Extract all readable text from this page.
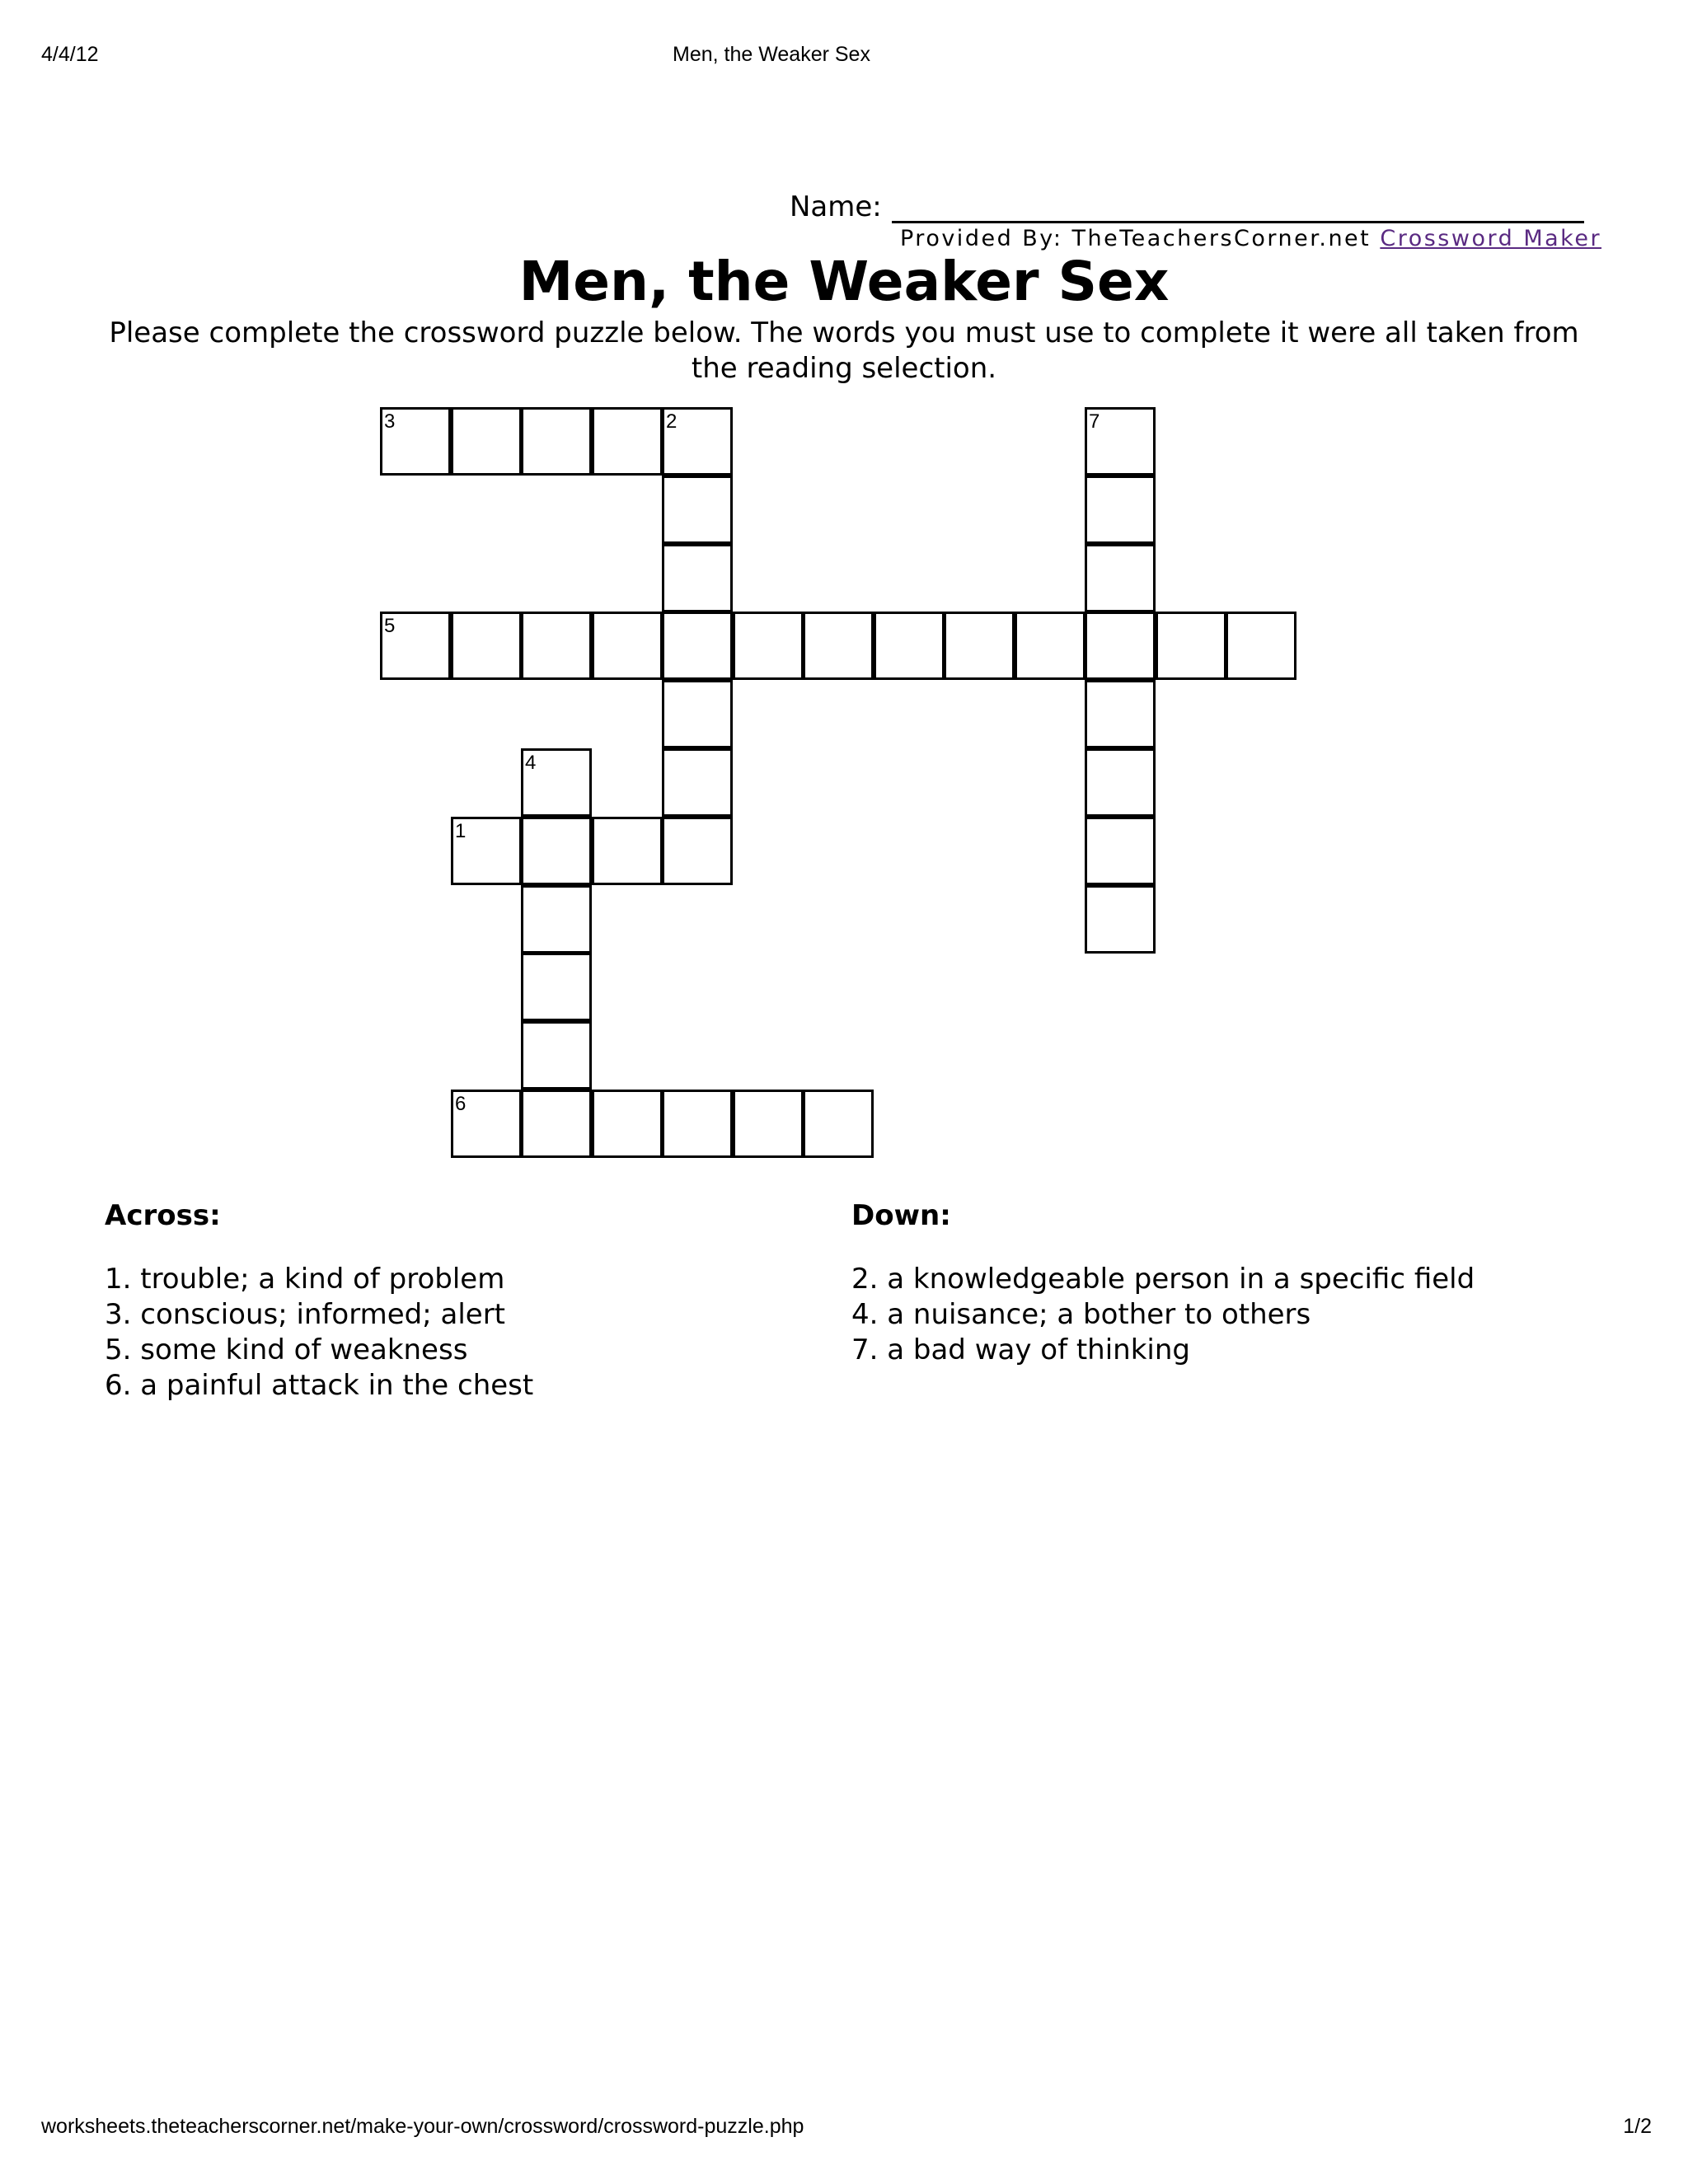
4/4/12	Men, the Weaker Sex
Name:
Provided By: TheTeachersCorner.net Crossword Maker
Men, the Weaker Sex
Please complete the crossword puzzle below. The words you must use to complete it were all taken from the reading selection.
3	2	7
5
4
1
6
Across:
1. trouble; a kind of problem
3. conscious; informed; alert
5. some kind of weakness
6. a painful attack in the chest
Down:
2. a knowledgeable person in a specific field
4. a nuisance; a bother to others
7. a bad way of thinking
worksheets.theteacherscorner.net/make-your-own/crossword/crossword-puzzle.php	1/2
